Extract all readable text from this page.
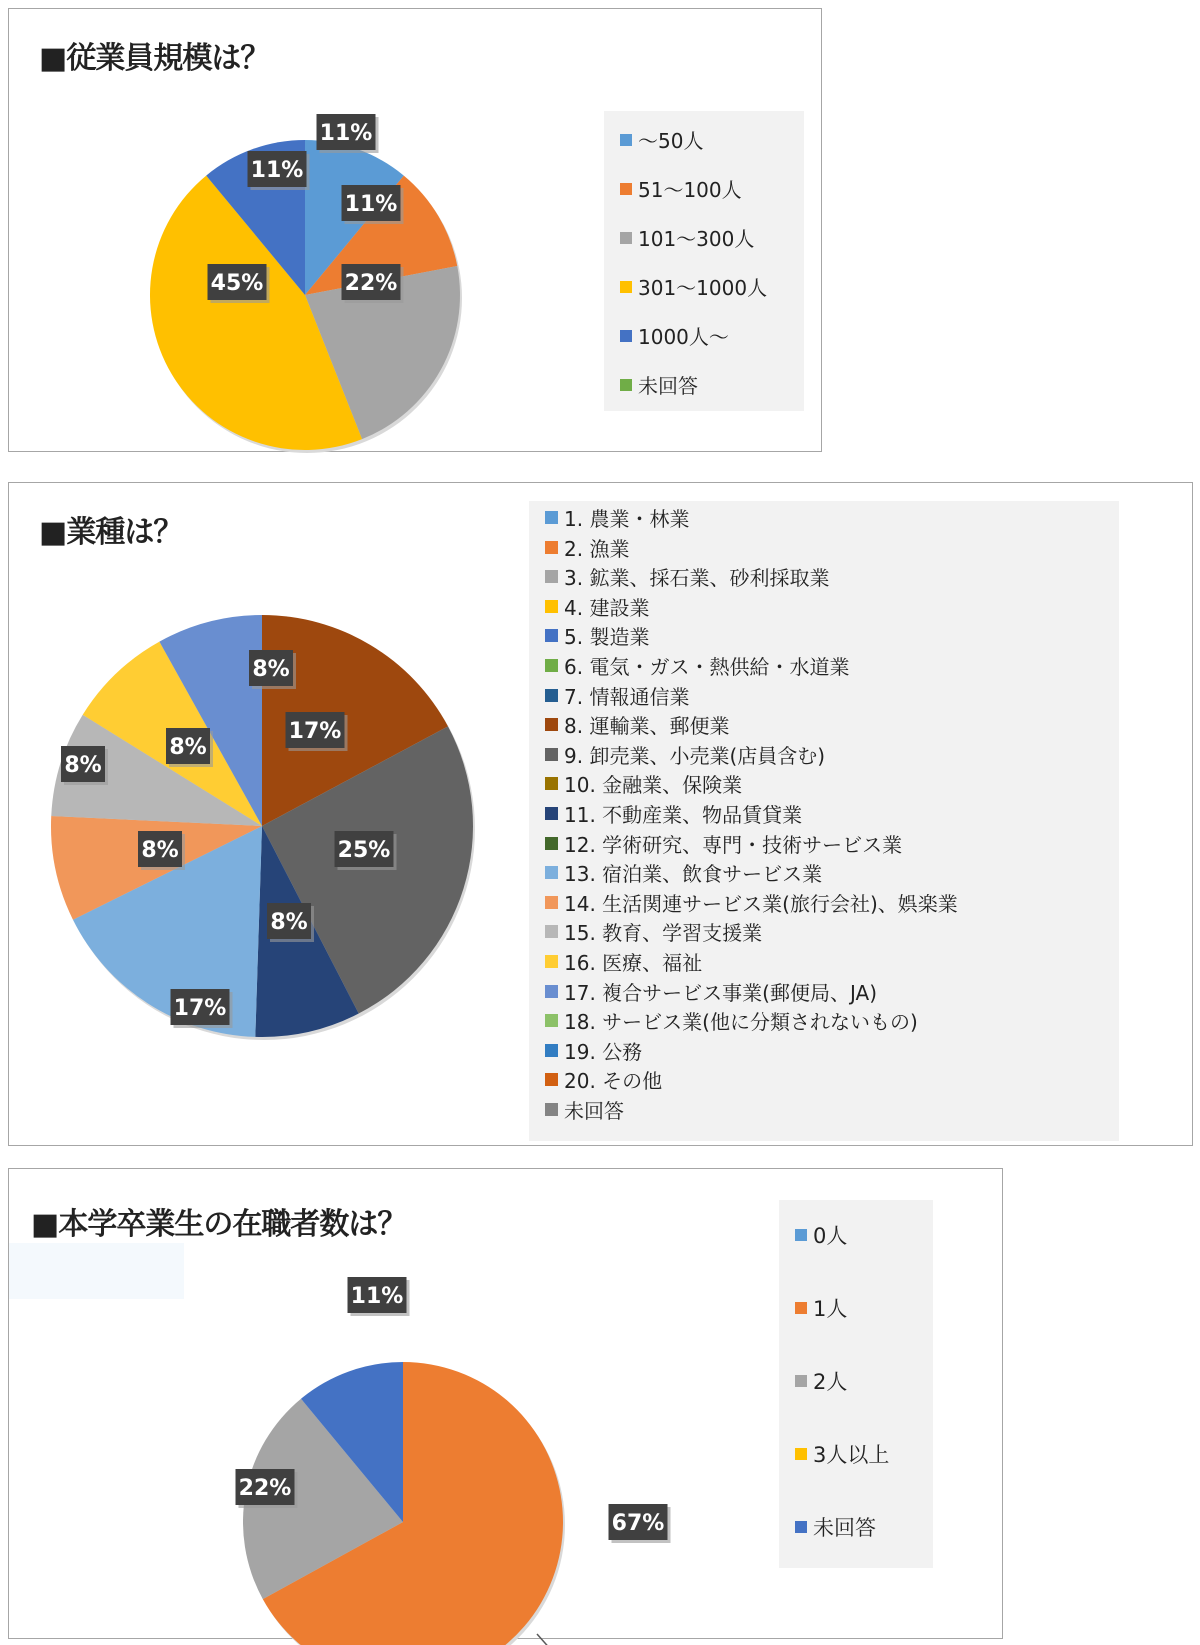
■従業員規模は？
11%
11%
22%
45%
11%
～50人
51～100人
101～300人
301～1000人
1000人～
未回答
■業種は？
17%
25%
8%
17%
8%
8%
8%
8%
1. 農業・林業
2. 漁業
3. 鉱業、採石業、砂利採取業
4. 建設業
5. 製造業
6. 電気・ガス・熱供給・水道業
7. 情報通信業
8. 運輸業、郵便業
9. 卸売業、小売業(店員含む)
10. 金融業、保険業
11. 不動産業、物品賃貸業
12. 学術研究、専門・技術サービス業
13. 宿泊業、飲食サービス業
14. 生活関連サービス業(旅行会社)、娯楽業
15. 教育、学習支援業
16. 医療、福祉
17. 複合サービス事業(郵便局、JA)
18. サービス業(他に分類されないもの)
19. 公務
20. その他
未回答
■本学卒業生の在職者数は？
67%
22%
11%
0人
1人
2人
3人以上
未回答
